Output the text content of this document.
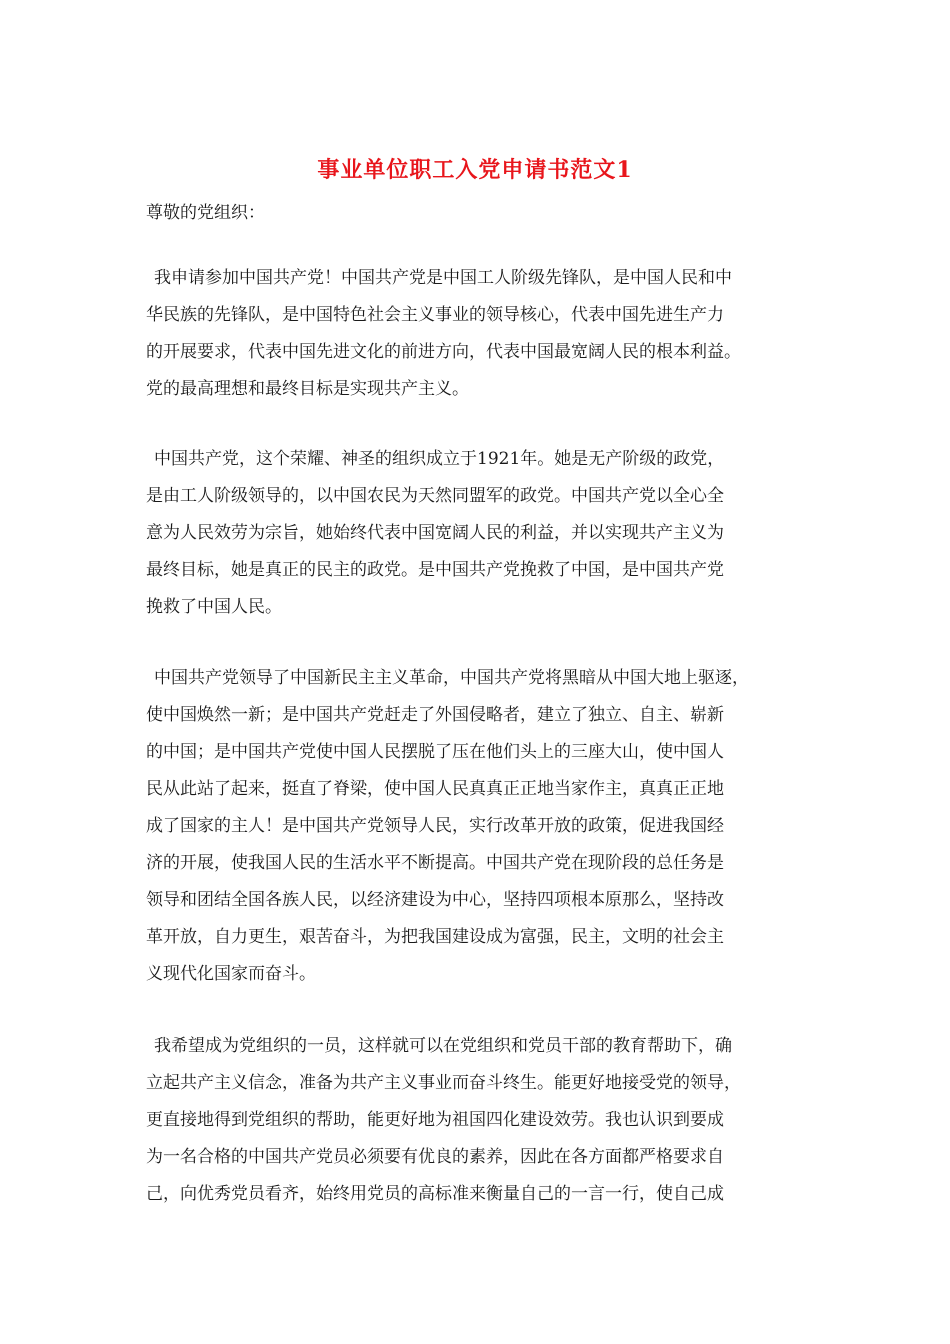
事业单位职工入党申请书范文1
尊敬的党组织：
我申请参加中国共产党！中国共产党是中国工人阶级先锋队，是中国人民和中
华民族的先锋队，是中国特色社会主义事业的领导核心，代表中国先进生产力
的开展要求，代表中国先进文化的前进方向，代表中国最宽阔人民的根本利益。
党的最高理想和最终目标是实现共产主义。
中国共产党，这个荣耀、神圣的组织成立于1921年。她是无产阶级的政党，
是由工人阶级领导的，以中国农民为天然同盟军的政党。中国共产党以全心全
意为人民效劳为宗旨，她始终代表中国宽阔人民的利益，并以实现共产主义为
最终目标，她是真正的民主的政党。是中国共产党挽救了中国，是中国共产党
挽救了中国人民。
中国共产党领导了中国新民主主义革命，中国共产党将黑暗从中国大地上驱逐，
使中国焕然一新；是中国共产党赶走了外国侵略者，建立了独立、自主、崭新
的中国；是中国共产党使中国人民摆脱了压在他们头上的三座大山，使中国人
民从此站了起来，挺直了脊梁，使中国人民真真正正地当家作主，真真正正地
成了国家的主人！是中国共产党领导人民，实行改革开放的政策，促进我国经
济的开展，使我国人民的生活水平不断提高。中国共产党在现阶段的总任务是
领导和团结全国各族人民，以经济建设为中心，坚持四项根本原那么，坚持改
革开放，自力更生，艰苦奋斗，为把我国建设成为富强，民主，文明的社会主
义现代化国家而奋斗。
我希望成为党组织的一员，这样就可以在党组织和党员干部的教育帮助下，确
立起共产主义信念，准备为共产主义事业而奋斗终生。能更好地接受党的领导，
更直接地得到党组织的帮助，能更好地为祖国四化建设效劳。我也认识到要成
为一名合格的中国共产党员必须要有优良的素养，因此在各方面都严格要求自
己，向优秀党员看齐，始终用党员的高标准来衡量自己的一言一行，使自己成
